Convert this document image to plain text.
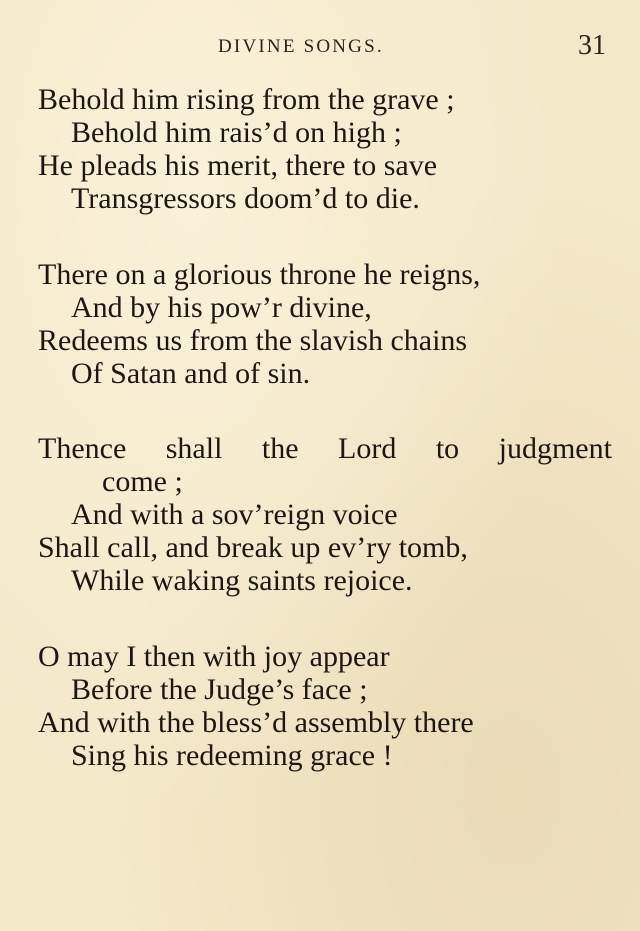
DIVINE SONGS.	31
Behold him rising from the grave ;
Behold him rais’d on high ;
He pleads his merit, there to save
Transgressors doom’d to die.
There on a glorious throne he reigns,
And by his pow’r divine,
Redeems us from the slavish chains
Of Satan and of sin.
Thence shall the Lord to judgment
come ;
And with a sov’reign voice
Shall call, and break up ev’ry tomb,
While waking saints rejoice.
O may I then with joy appear
Before the Judge’s face ;
And with the bless’d assembly there
Sing his redeeming grace !
